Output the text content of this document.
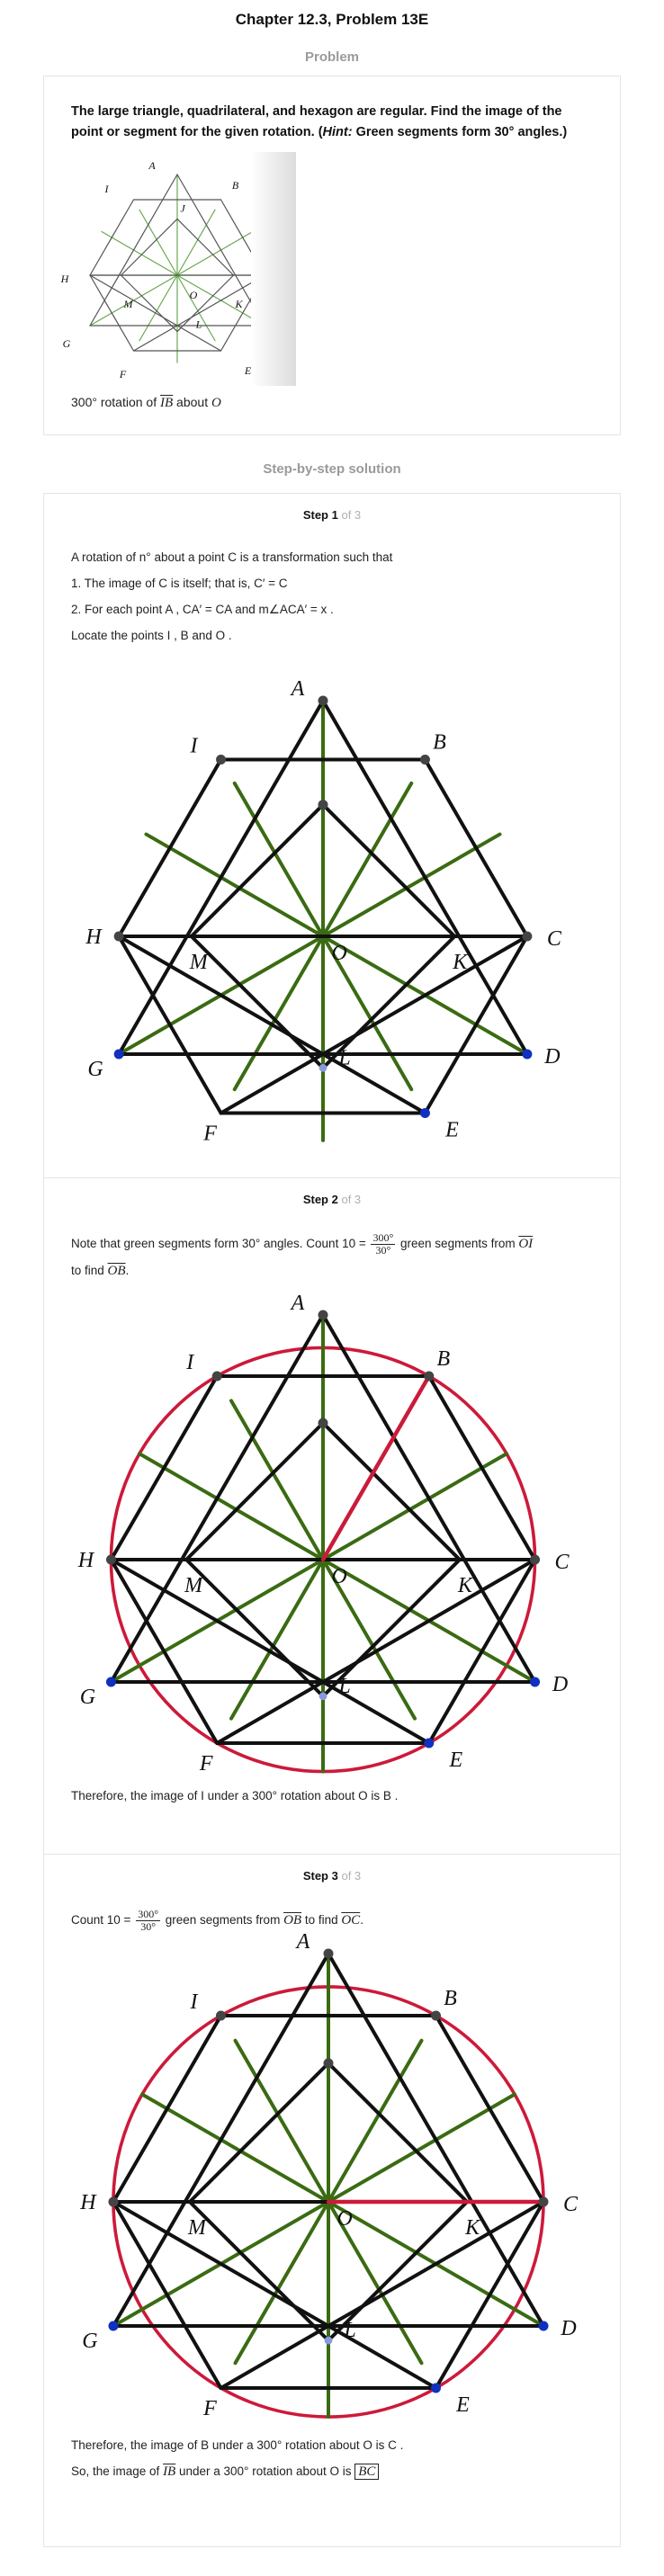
Chapter 12.3, Problem 13E
Problem
The large triangle, quadrilateral, and hexagon are regular. Find the image of the point or segment for the given rotation. (Hint: Green segments form 30° angles.)
A
B
E
F
G
H
I
J
K
L
M
O
300° rotation of $\overline{IB}$ about O
Step-by-step solution
Step 1 of 3
A rotation of n° about a point C is a transformation such that
1. The image of C is itself; that is, C′ = C
2. For each point A , CA′ = CA and m∠ACA′ = x .
Locate the points I , B and O .
A
B
C
D
E
F
G
H
I
K
L
M	O
Step 2 of 3
Note that green segments form 30° angles. Count $10 = \frac{300^\circ}{30^\circ}$ green segments from $\overline{OI}$
to find $\overline{OB}$.
A
B
C
D
E
F
G
H
I
K
L
M	O
Therefore, the image of I under a 300° rotation about O is B .
Step 3 of 3
Count $10 = \frac{300^\circ}{30^\circ}$ green segments from $\overline{OB}$ to find $\overline{OC}$.
A
B
C
D
E
F
G
H
I
K
L
M	O
Therefore, the image of B under a 300° rotation about O is C .
So, the image of $\overline{IB}$ under a 300° rotation about O is $\overline{BC}$
